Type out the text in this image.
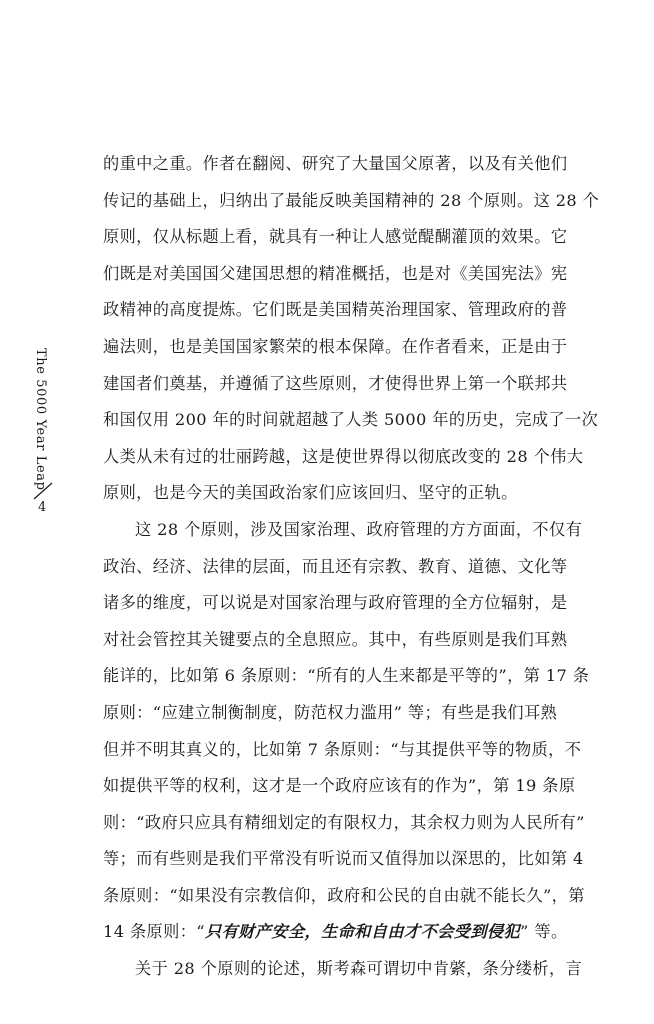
The 5000 Year Leap
4
的重中之重。作者在翻阅、研究了大量国父原著，以及有关他们
传记的基础上，归纳出了最能反映美国精神的 28 个原则。这 28 个
原则，仅从标题上看，就具有一种让人感觉醍醐灌顶的效果。它
们既是对美国国父建国思想的精准概括，也是对《美国宪法》宪
政精神的高度提炼。它们既是美国精英治理国家、管理政府的普
遍法则，也是美国国家繁荣的根本保障。在作者看来，正是由于
建国者们奠基，并遵循了这些原则，才使得世界上第一个联邦共
和国仅用 200 年的时间就超越了人类 5000 年的历史，完成了一次
人类从未有过的壮丽跨越，这是使世界得以彻底改变的 28 个伟大
原则，也是今天的美国政治家们应该回归、坚守的正轨。
这 28 个原则，涉及国家治理、政府管理的方方面面，不仅有
政治、经济、法律的层面，而且还有宗教、教育、道德、文化等
诸多的维度，可以说是对国家治理与政府管理的全方位辐射，是
对社会管控其关键要点的全息照应。其中，有些原则是我们耳熟
能详的，比如第 6 条原则：“所有的人生来都是平等的”，第 17 条
原则：“应建立制衡制度，防范权力滥用” 等；有些是我们耳熟
但并不明其真义的，比如第 7 条原则：“与其提供平等的物质，不
如提供平等的权利，这才是一个政府应该有的作为”，第 19 条原
则：“政府只应具有精细划定的有限权力，其余权力则为人民所有”
等；而有些则是我们平常没有听说而又值得加以深思的，比如第 4
条原则：“如果没有宗教信仰，政府和公民的自由就不能长久”，第
14 条原则：“只有财产安全，生命和自由才不会受到侵犯” 等。
关于 28 个原则的论述，斯考森可谓切中肯綮，条分缕析，言
